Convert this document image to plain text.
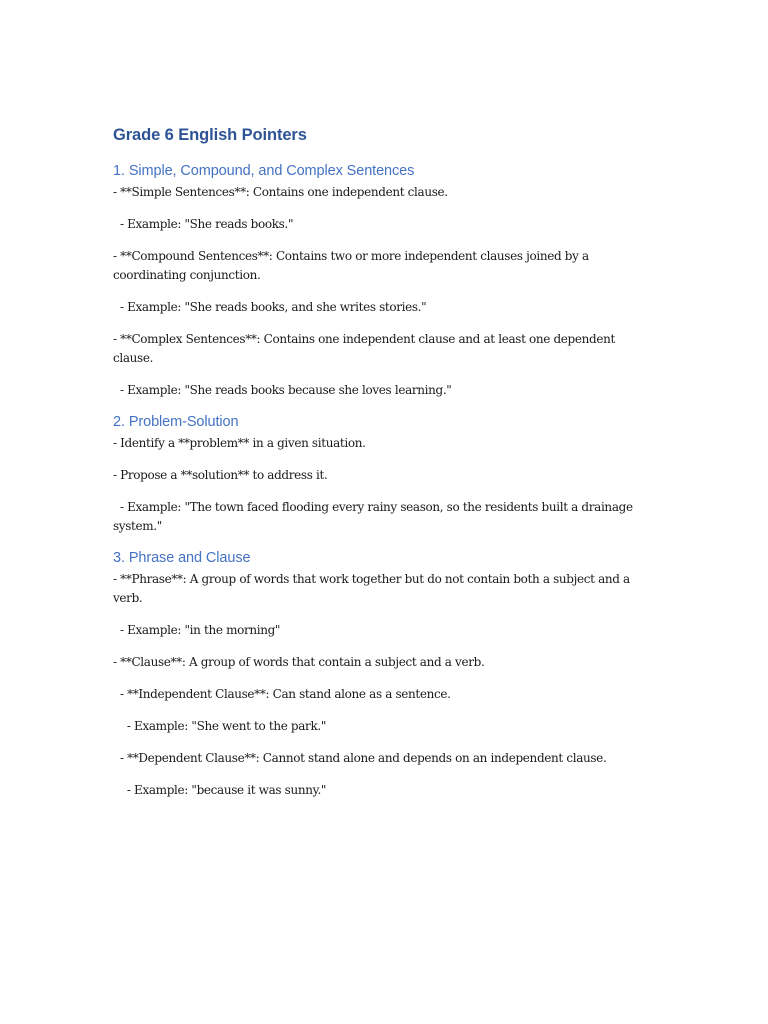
Grade 6 English Pointers
1. Simple, Compound, and Complex Sentences

- **Simple Sentences**: Contains one independent clause.

- Example: "She reads books."

- **Compound Sentences**: Contains two or more independent clauses joined by a coordinating conjunction.

- Example: "She reads books, and she writes stories."

- **Complex Sentences**: Contains one independent clause and at least one dependent clause.

- Example: "She reads books because she loves learning."

2. Problem-Solution

- Identify a **problem** in a given situation.

- Propose a **solution** to address it.

- Example: "The town faced flooding every rainy season, so the residents built a drainage system."

3. Phrase and Clause

- **Phrase**: A group of words that work together but do not contain both a subject and a verb.

- Example: "in the morning"

- **Clause**: A group of words that contain a subject and a verb.

- **Independent Clause**: Can stand alone as a sentence.

- Example: "She went to the park."

- **Dependent Clause**: Cannot stand alone and depends on an independent clause.

- Example: "because it was sunny."
